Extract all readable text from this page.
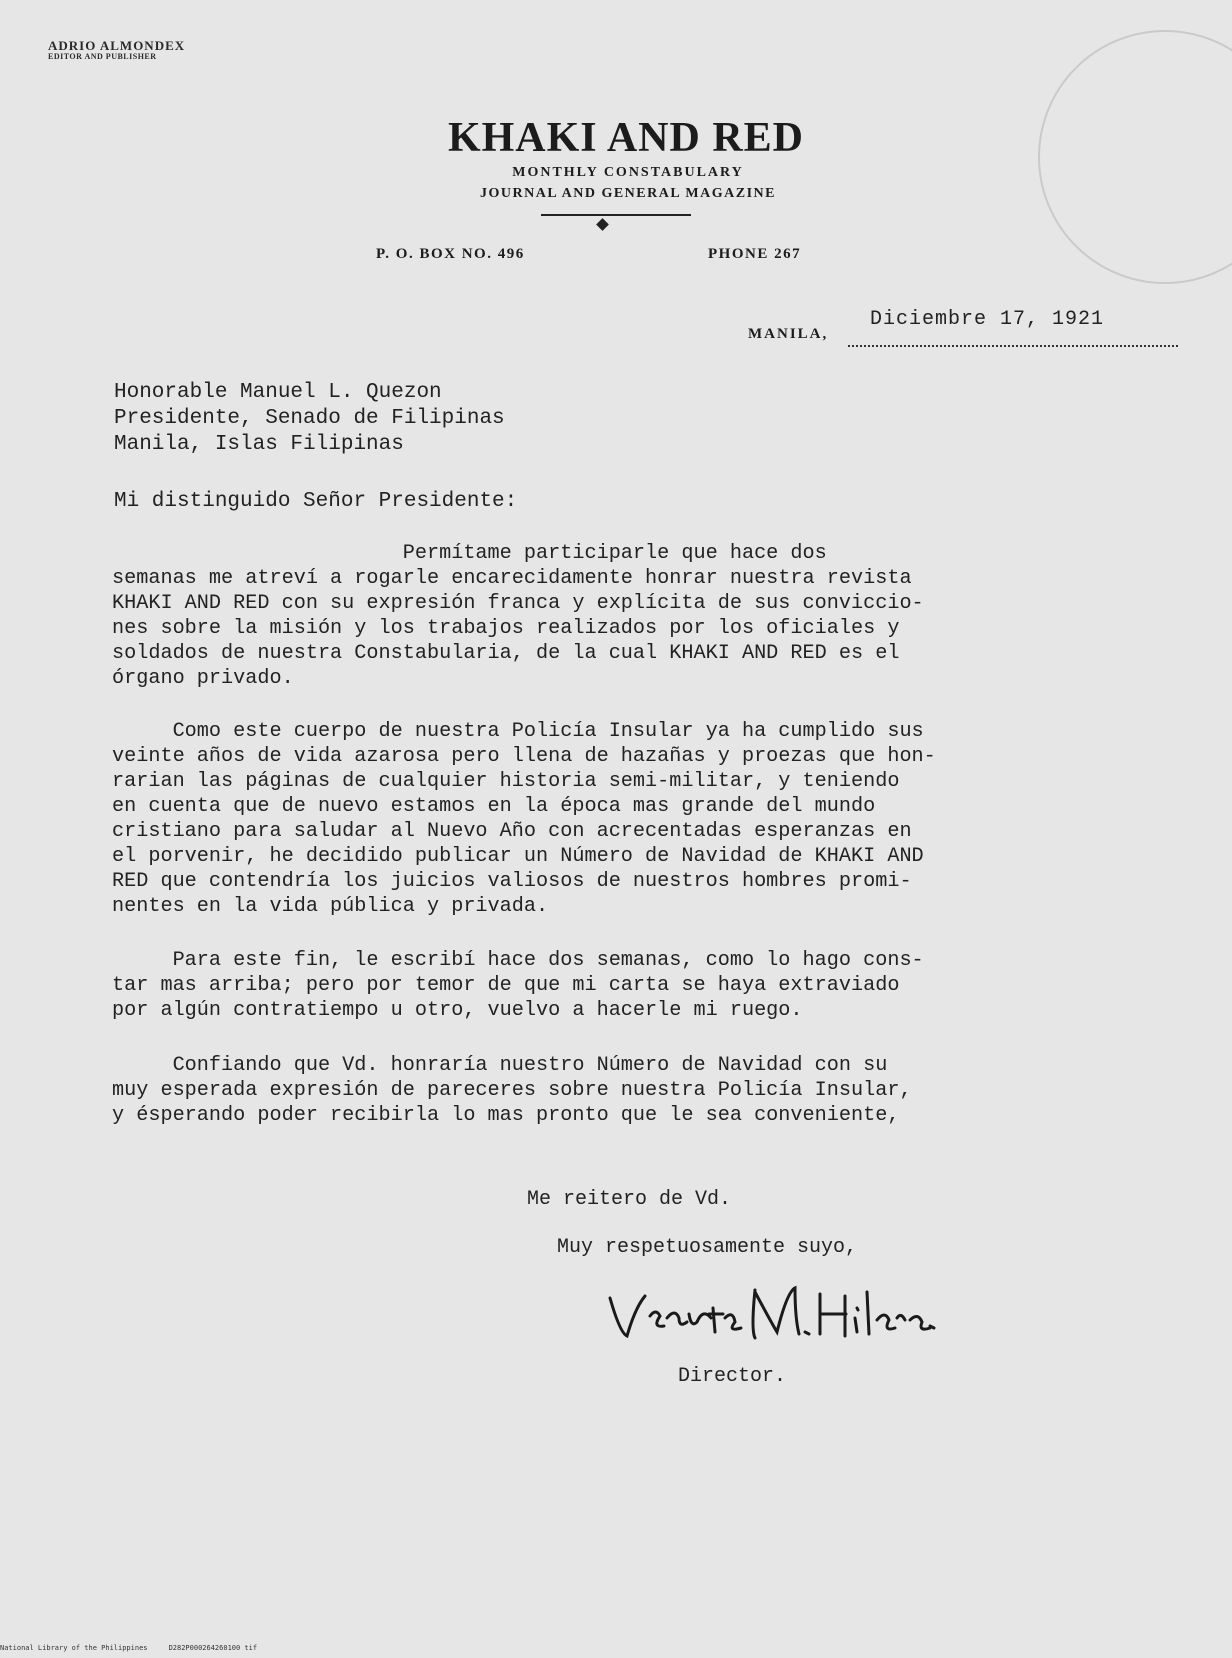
ADRIO ALMONDEX
EDITOR AND PUBLISHER
KHAKI AND RED
MONTHLY CONSTABULARY
JOURNAL AND GENERAL MAGAZINE
P. O. BOX NO. 496	PHONE 267
MANILA,
Diciembre 17, 1921
Honorable Manuel L. Quezon
Presidente, Senado de Filipinas
Manila, Islas Filipinas
Mi distinguido Señor Presidente:
Permítame participarle que hace dos
semanas me atreví a rogarle encarecidamente honrar nuestra revista
KHAKI AND RED con su expresión franca y explícita de sus conviccio-
nes sobre la misión y los trabajos realizados por los oficiales y
soldados de nuestra Constabularia, de la cual KHAKI AND RED es el
órgano privado.
Como este cuerpo de nuestra Policía Insular ya ha cumplido sus
veinte años de vida azarosa pero llena de hazañas y proezas que hon-
rarian las páginas de cualquier historia semi-militar, y teniendo
en cuenta que de nuevo estamos en la época mas grande del mundo
cristiano para saludar al Nuevo Año con acrecentadas esperanzas en
el porvenir, he decidido publicar un Número de Navidad de KHAKI AND
RED que contendría los juicios valiosos de nuestros hombres promi-
nentes en la vida pública y privada.
Para este fin, le escribí hace dos semanas, como lo hago cons-
tar mas arriba; pero por temor de que mi carta se haya extraviado
por algún contratiempo u otro, vuelvo a hacerle mi ruego.
Confiando que Vd. honraría nuestro Número de Navidad con su
muy esperada expresión de pareceres sobre nuestra Policía Insular,
y ésperando poder recibirla lo mas pronto que le sea conveniente,
Me reitero de Vd.
Muy respetuosamente suyo,
Director.
National Library of the Philippines     D282P000264260100 tif
